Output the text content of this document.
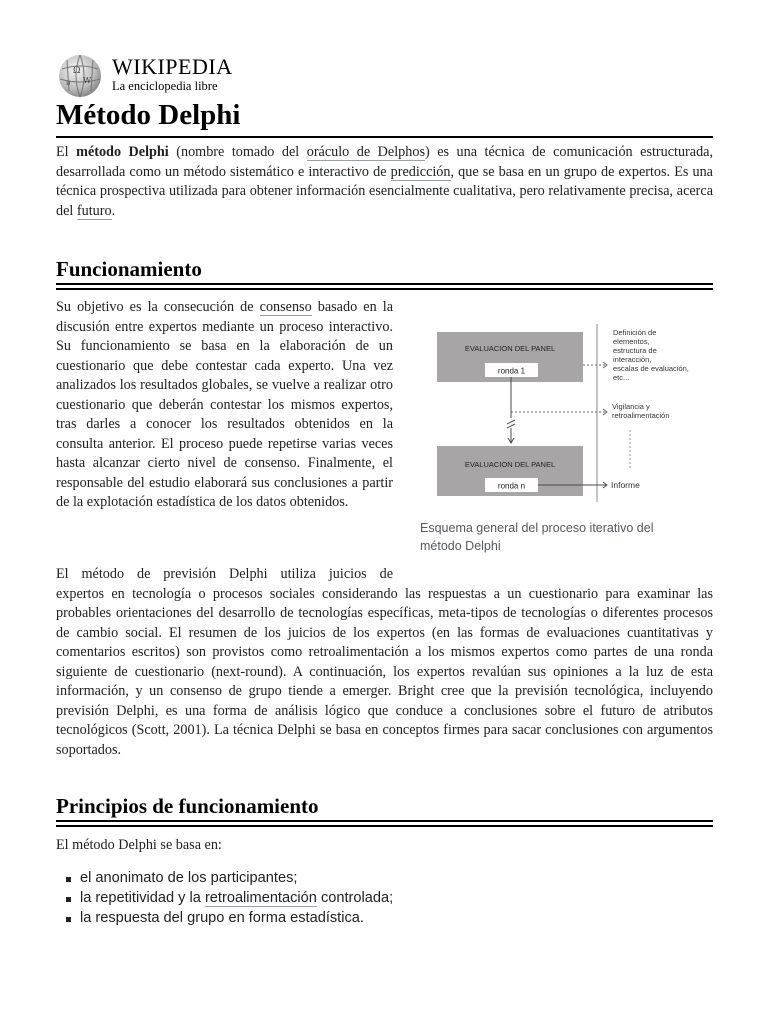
Ω
W
и
WIKIPEDIA
La enciclopedia libre
Método Delphi

El método Delphi (nombre tomado del oráculo de Delphos) es una técnica de comunicación estructurada, desarrollada como un método sistemático e interactivo de predicción, que se basa en un grupo de expertos. Es una técnica prospectiva utilizada para obtener información esencialmente cualitativa, pero relativamente precisa, acerca del futuro.

Funcionamiento

Su objetivo es la consecución de consenso basado en la discusión entre expertos mediante un proceso interactivo. Su funcionamiento se basa en la elaboración de un cuestionario que debe contestar cada experto. Una vez analizados los resultados globales, se vuelve a realizar otro cuestionario que deberán contestar los mismos expertos, tras darles a conocer los resultados obtenidos en la consulta anterior. El proceso puede repetirse varias veces hasta alcanzar cierto nivel de consenso. Finalmente, el responsable del estudio elaborará sus conclusiones a partir de la explotación estadística de los datos obtenidos.

EVALUACION DEL PANEL
ronda 1
EVALUACION DEL PANEL
ronda n
Definición de
elementos,
estructura de
interacción,
escalas de evaluación,
etc...
Vigilancia y
retroalimentación
Informe
Esquema general del proceso iterativo del método Delphi
El método de previsión Delphi utiliza juicios de
expertos en tecnología o procesos sociales considerando las respuestas a un cuestionario para examinar las probables orientaciones del desarrollo de tecnologías específicas, meta-tipos de tecnologías o diferentes procesos de cambio social. El resumen de los juicios de los expertos (en las formas de evaluaciones cuantitativas y comentarios escritos) son provistos como retroalimentación a los mismos expertos como partes de una ronda siguiente de cuestionario (next-round). A continuación, los expertos revalúan sus opiniones a la luz de esta información, y un consenso de grupo tiende a emerger. Bright cree que la previsión tecnológica, incluyendo previsión Delphi, es una forma de análisis lógico que conduce a conclusiones sobre el futuro de atributos tecnológicos (Scott, 2001). La técnica Delphi se basa en conceptos firmes para sacar conclusiones con argumentos soportados.
Principios de funcionamiento

El método Delphi se basa en:

el anonimato de los participantes;
la repetitividad y la retroalimentación controlada;
la respuesta del grupo en forma estadística.
